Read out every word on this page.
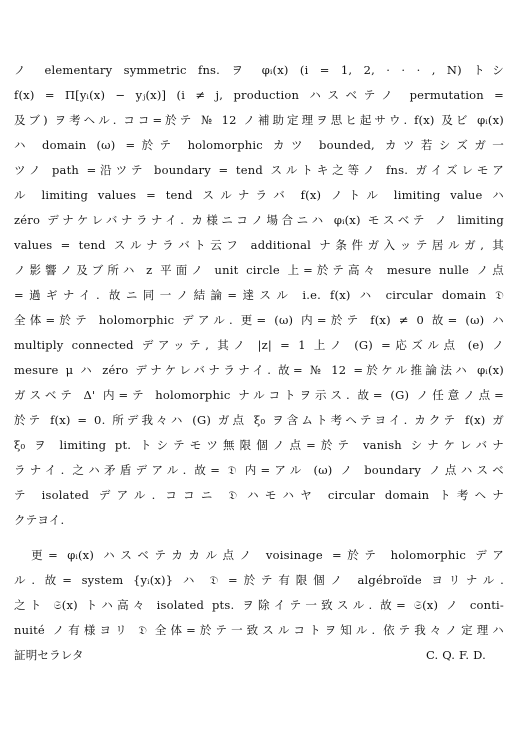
ノ elementary symmetric fns. ヲ φᵢ(x) (i = 1, 2, · · · , N) トシ
f(x) = Π[yᵢ(x) − yⱼ(x)] (i ≠ j, production ハスベテノ permutation =
及ブ) ヲ考ヘル. ココ=於テ № 12 ノ補助定理ヲ思ヒ起サウ. f(x) 及ビ φᵢ(x)
ハ domain (ω) =於テ holomorphic カツ bounded, カツ若シズガ一
ツノ path =沿ツテ boundary = tend スルトキ之等ノ fns. ガイズレモア
ル limiting values = tend スルナラバ f(x) ノトル limiting value ハ
zéro デナケレバナラナイ. カ様ニコノ場合ニハ φᵢ(x) モスベテ ノ limiting
values = tend スルナラバト云フ additional ナ条件ガ入ッテ居ルガ, 其
ノ影響ノ及ブ所ハ z 平面ノ unit circle 上=於テ高々 mesure nulle ノ点
=過ギナイ. 故ニ同一ノ結論=達スル i.e. f(x) ハ circular domain 𝔇
全体=於テ holomorphic デアル. 更= (ω) 内=於テ f(x) ≠ 0 故= (ω) ハ
multiply connected デアッテ, 其ノ |z| = 1 上ノ (G) =応ズル点 (e) ノ
mesure μ ハ zéro デナケレバナラナイ. 故= № 12 =於ケル推論法ハ φᵢ(x)
ガスベテ Δ' 内=テ holomorphic ナルコトヲ示ス. 故= (G) ノ任意ノ点=
於テ f(x) = 0. 所デ我々ハ (G) ガ点 ξ₀ ヲ含ムト考ヘテヨイ. カクテ f(x) ガ
ξ₀ ヲ limiting pt. トシテモツ無限個ノ点=於テ vanish シナケレバナ
ラナイ. 之ハ矛盾デアル. 故= 𝔇 内=アル (ω) ノ boundary ノ点ハスベ
テ isolated デアル. ココニ 𝔇 ハモハヤ circular domain ト考ヘナ
クテヨイ.
　更= φᵢ(x) ハスベテカカル点ノ voisinage =於テ holomorphic デア
ル. 故= system {yᵢ(x)} ハ 𝔇 =於テ有限個ノ algébroïde ヨリナル.
之ト 𝔖(x) トハ高々 isolated pts. ヲ除イテ一致スル. 故= 𝔖(x) ノ conti-
nuité ノ有様ヨリ 𝔇 全体=於テ一致スルコトヲ知ル. 依テ我々ノ定理ハ
証明セラレタ	C. Q. F. D.
